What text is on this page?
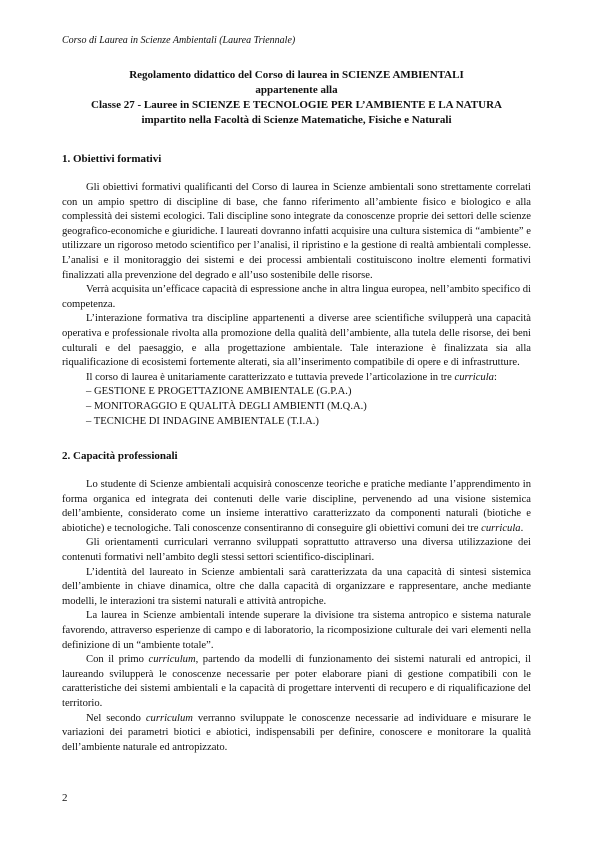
Corso di Laurea in Scienze Ambientali (Laurea Triennale)
Regolamento didattico del Corso di laurea in SCIENZE AMBIENTALI
appartenente alla
Classe 27 - Lauree in SCIENZE E TECNOLOGIE PER L’AMBIENTE E LA NATURA
impartito nella Facoltà di Scienze Matematiche, Fisiche e Naturali
1. Obiettivi formativi

Gli obiettivi formativi qualificanti del Corso di laurea in Scienze ambientali sono strettamente correlati con un ampio spettro di discipline di base, che fanno riferimento all’ambiente fisico e biologico e alla complessità dei sistemi ecologici. Tali discipline sono integrate da conoscenze proprie dei settori delle scienze geografico-economiche e giuridiche. I laureati dovranno infatti acquisire una cultura sistemica di “ambiente” e utilizzare un rigoroso metodo scientifico per l’analisi, il ripristino e la gestione di realtà ambientali complesse. L’analisi e il monitoraggio dei sistemi e dei processi ambientali costituiscono inoltre elementi formativi finalizzati alla prevenzione del degrado e all’uso sostenibile delle risorse.

Verrà acquisita un’efficace capacità di espressione anche in altra lingua europea, nell’ambito specifico di competenza.

L’interazione formativa tra discipline appartenenti a diverse aree scientifiche svilupperà una capacità operativa e professionale rivolta alla promozione della qualità dell’ambiente, alla tutela delle risorse, dei beni culturali e del paesaggio, e alla progettazione ambientale. Tale interazione è finalizzata sia alla riqualificazione di ecosistemi fortemente alterati, sia all’inserimento compatibile di opere e di infrastrutture.

Il corso di laurea è unitariamente caratterizzato e tuttavia prevede l’articolazione in tre curricula:

– GESTIONE E PROGETTAZIONE AMBIENTALE (G.P.A.)
– MONITORAGGIO E QUALITÀ DEGLI AMBIENTI (M.Q.A.)
– TECNICHE DI INDAGINE AMBIENTALE (T.I.A.)
2. Capacità professionali

Lo studente di Scienze ambientali acquisirà conoscenze teoriche e pratiche mediante l’apprendimento in forma organica ed integrata dei contenuti delle varie discipline, pervenendo ad una visione sistemica dell’ambiente, considerato come un insieme interattivo caratterizzato da componenti naturali (biotiche e abiotiche) e tecnologiche. Tali conoscenze consentiranno di conseguire gli obiettivi comuni dei tre curricula.

Gli orientamenti curriculari verranno sviluppati soprattutto attraverso una diversa utilizzazione dei contenuti formativi nell’ambito degli stessi settori scientifico-disciplinari.

L’identità del laureato in Scienze ambientali sarà caratterizzata da una capacità di sintesi sistemica dell’ambiente in chiave dinamica, oltre che dalla capacità di organizzare e rappresentare, anche mediante modelli, le interazioni tra sistemi naturali e attività antropiche.

La laurea in Scienze ambientali intende superare la divisione tra sistema antropico e sistema naturale favorendo, attraverso esperienze di campo e di laboratorio, la ricomposizione culturale dei vari elementi nella definizione di un “ambiente totale”.

Con il primo curriculum, partendo da modelli di funzionamento dei sistemi naturali ed antropici, il laureando svilupperà le conoscenze necessarie per poter elaborare piani di gestione compatibili con le caratteristiche dei sistemi ambientali e la capacità di progettare interventi di recupero e di riqualificazione del territorio.

Nel secondo curriculum verranno sviluppate le conoscenze necessarie ad individuare e misurare le variazioni dei parametri biotici e abiotici, indispensabili per definire, conoscere e monitorare la qualità dell’ambiente naturale ed antropizzato.

2
